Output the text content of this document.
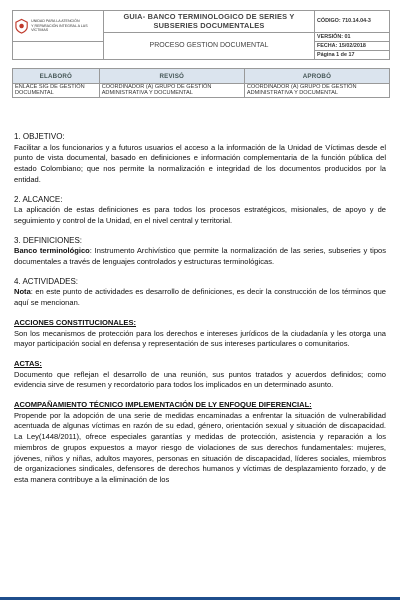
UNIDAD PARA LA ATENCIÓN
Y REPARACIÓN INTEGRAL A LAS VÍCTIMAS	GUIA- BANCO TERMINOLOGICO DE SERIES Y SUBSERIES DOCUMENTALES	CÓDIGO: 710.14.04-3
	PROCESO GESTION DOCUMENTAL	VERSIÓN: 01
		FECHA: 15/02/2018
		Página 1 de 17
ELABORÓ	REVISÓ	APROBÓ
ENLACE SIG DE GESTIÓN DOCUMENTAL	COORDINADOR (A) GRUPO DE GESTIÓN ADMINISTRATIVA Y DOCUMENTAL	COORDINADOR (A) GRUPO DE GESTIÓN ADMINISTRATIVA Y DOCUMENTAL

1. OBJETIVO:

Facilitar a los funcionarios y a futuros usuarios el acceso a la información de la Unidad de Víctimas desde el punto de vista documental, basado en definiciones e información complementaria de la función pública del estado Colombiano; que nos permite la normalización e integridad de los documentos producidos por la entidad.

2. ALCANCE:

La aplicación de estas definiciones es para todos los procesos estratégicos, misionales, de apoyo y de seguimiento y control de la Unidad, en el nivel central y territorial.

3. DEFINICIONES:

Banco terminológico: Instrumento Archivístico que permite la normalización de las series, subseries y tipos documentales a través de lenguajes controlados y estructuras terminológicas.

4. ACTIVIDADES:

Nota: en este punto de actividades es desarrollo de definiciones, es decir la construcción de los términos que aquí se mencionan.

ACCIONES CONSTITUCIONALES:

Son los mecanismos de protección para los derechos e intereses jurídicos de la ciudadanía y les otorga una mayor participación social en defensa y representación de sus intereses particulares o comunitarios.

ACTAS:

Documento que reflejan el desarrollo de una reunión, sus puntos tratados y acuerdos definidos; como evidencia sirve de resumen y recordatorio para todos los implicados en un determinado asunto.

ACOMPAÑAMIENTO TÉCNICO IMPLEMENTACIÓN DE LY ENFOQUE DIFERENCIAL:

Propende por la adopción de una serie de medidas encaminadas a enfrentar la situación de vulnerabilidad acentuada de algunas víctimas en razón de su edad, género, orientación sexual y situación de discapacidad. La Ley(1448/2011), ofrece especiales garantías y medidas de protección, asistencia y reparación a los miembros de grupos expuestos a mayor riesgo de violaciones de sus derechos fundamentales: mujeres, jóvenes, niños y niñas, adultos mayores, personas en situación de discapacidad, líderes sociales, miembros de organizaciones sindicales, defensores de derechos humanos y víctimas de desplazamiento forzado, y de esta manera contribuye a la eliminación de los
